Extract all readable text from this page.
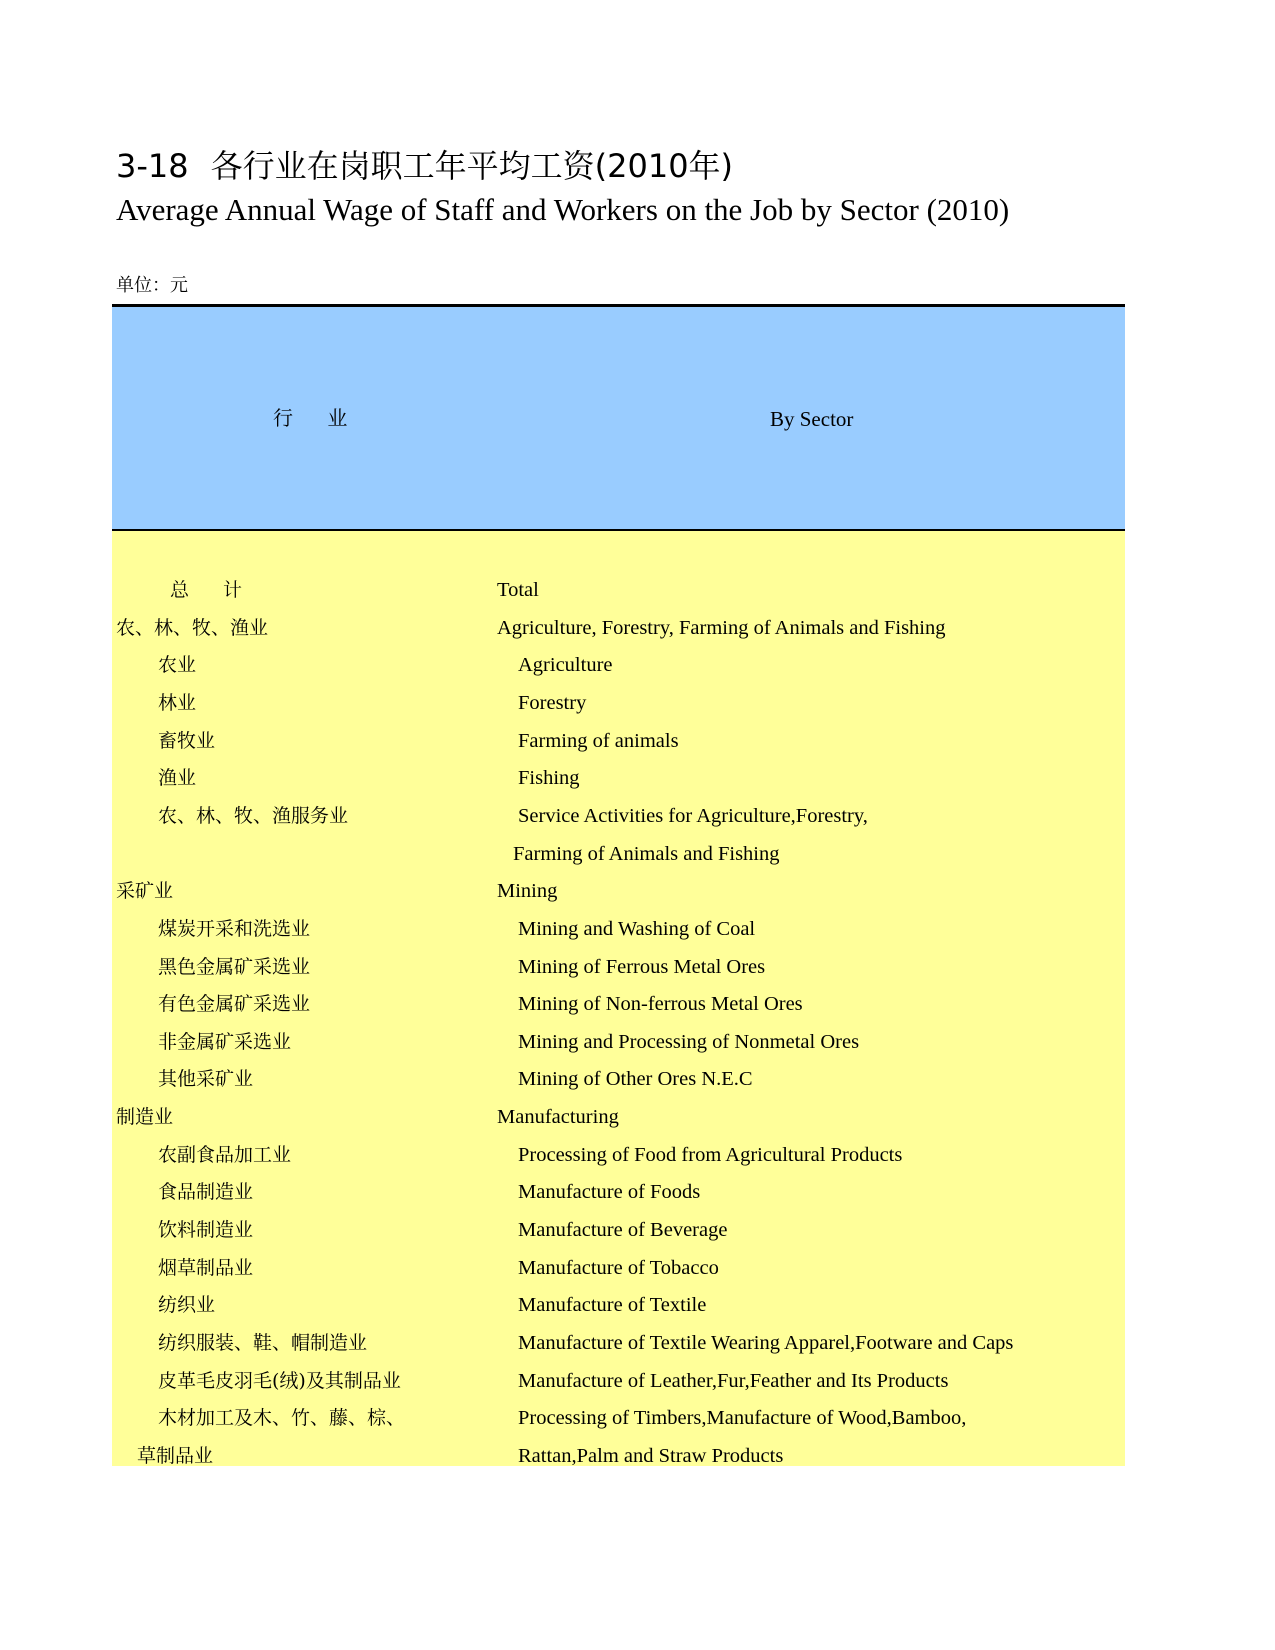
3-18 各行业在岗职工年平均工资(2010年)
Average Annual Wage of Staff and Workers on the Job by Sector (2010)
单位：元
行 业	By Sector
总 计	Total
农、林、牧、渔业	Agriculture, Forestry, Farming of Animals and Fishing
农业	Agriculture
林业	Forestry
畜牧业	Farming of animals
渔业	Fishing
农、林、牧、渔服务业	Service Activities for Agriculture,Forestry,
Farming of Animals and Fishing
采矿业	Mining
煤炭开采和洗选业	Mining and Washing of Coal
黑色金属矿采选业	Mining of Ferrous Metal Ores
有色金属矿采选业	Mining of Non-ferrous Metal Ores
非金属矿采选业	Mining and Processing of Nonmetal Ores
其他采矿业	Mining of Other Ores N.E.C
制造业	Manufacturing
农副食品加工业	Processing of Food from Agricultural Products
食品制造业	Manufacture of Foods
饮料制造业	Manufacture of Beverage
烟草制品业	Manufacture of Tobacco
纺织业	Manufacture of Textile
纺织服装、鞋、帽制造业	Manufacture of Textile Wearing Apparel,Footware and Caps
皮革毛皮羽毛(绒)及其制品业	Manufacture of Leather,Fur,Feather and Its Products
木材加工及木、竹、藤、棕、	Processing of Timbers,Manufacture of Wood,Bamboo,
草制品业	Rattan,Palm and Straw Products
